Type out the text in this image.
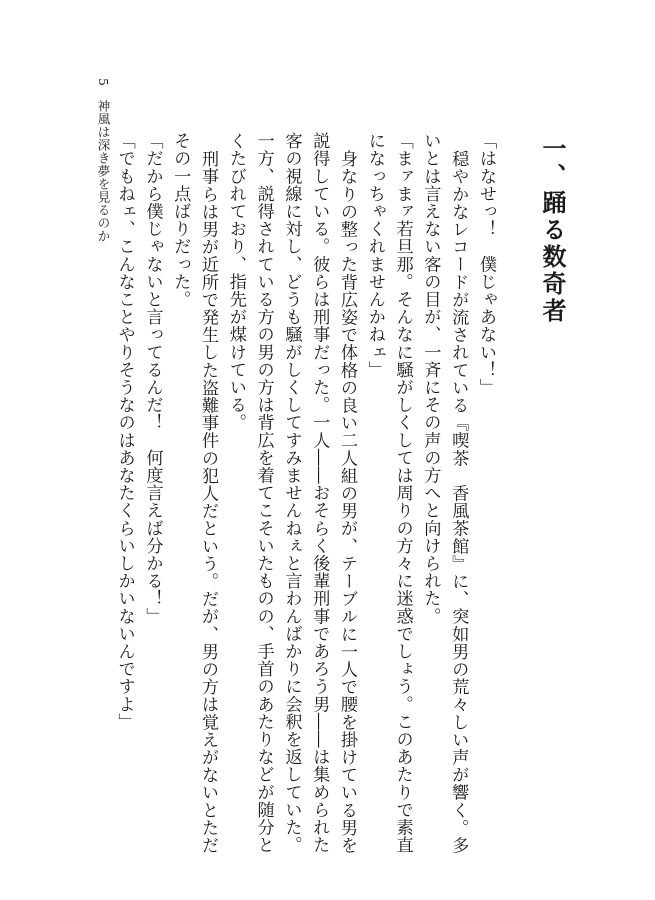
5　神風は深き夢を見るのか	一、踊る数奇者
「はなせっ！　僕じゃあない！」
穏やかなレコードが流されている『喫茶　香風茶館』に、突如男の荒々しい声が響く。多
いとは言えない客の目が、一斉にその声の方へと向けられた。
「まァまァ若旦那。そんなに騒がしくしては周りの方々に迷惑でしょう。このあたりで素直
になっちゃくれませんかねェ」
身なりの整った背広姿で体格の良い二人組の男が、テーブルに一人で腰を掛けている男を
説得している。彼らは刑事だった。一人――おそらく後輩刑事であろう男――は集められた
客の視線に対し、どうも騒がしくしてすみませんねぇと言わんばかりに会釈を返していた。
一方、説得されている方の男の方は背広を着てこそいたものの、手首のあたりなどが随分と
くたびれており、指先が煤けている。
刑事らは男が近所で発生した盗難事件の犯人だという。だが、男の方は覚えがないとただ
その一点ばりだった。
「だから僕じゃないと言ってるんだ！　何度言えば分かる！」
「でもねェ、こんなことやりそうなのはあなたくらいしかいないんですよ」
